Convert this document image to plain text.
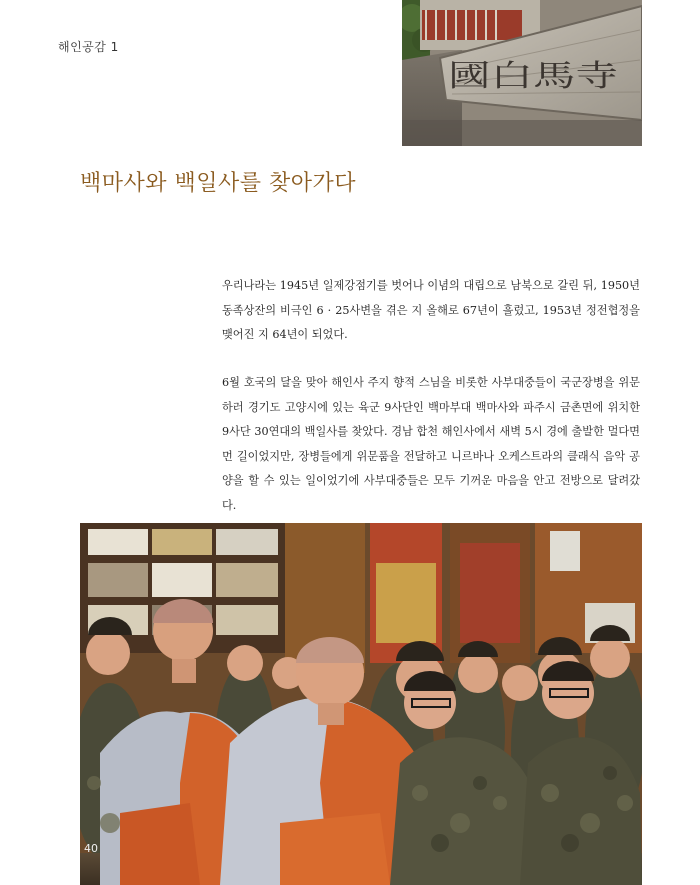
해인공감 1
國白馬寺
백마사와 백일사를 찾아가다

우리나라는 1945년 일제강점기를 벗어나 이념의 대립으로 남북으로 갈린 뒤, 1950년 동족상잔의 비극인 6 · 25사변을 겪은 지 올해로 67년이 흘렀고, 1953년 정전협정을 맺어진 지 64년이 되었다.

6월 호국의 달을 맞아 해인사 주지 향적 스님을 비롯한 사부대중들이 국군장병을 위문하러 경기도 고양시에 있는 육군 9사단인 백마부대 백마사와 파주시 금촌면에 위치한 9사단 30연대의 백일사를 찾았다. 경남 합천 해인사에서 새벽 5시 경에 출발한 멀다면 먼 길이었지만, 장병들에게 위문품을 전달하고 니르바나 오케스트라의 클래식 음악 공양을 할 수 있는 일이었기에 사부대중들은 모두 기꺼운 마음을 안고 전방으로 달려갔다.

40
